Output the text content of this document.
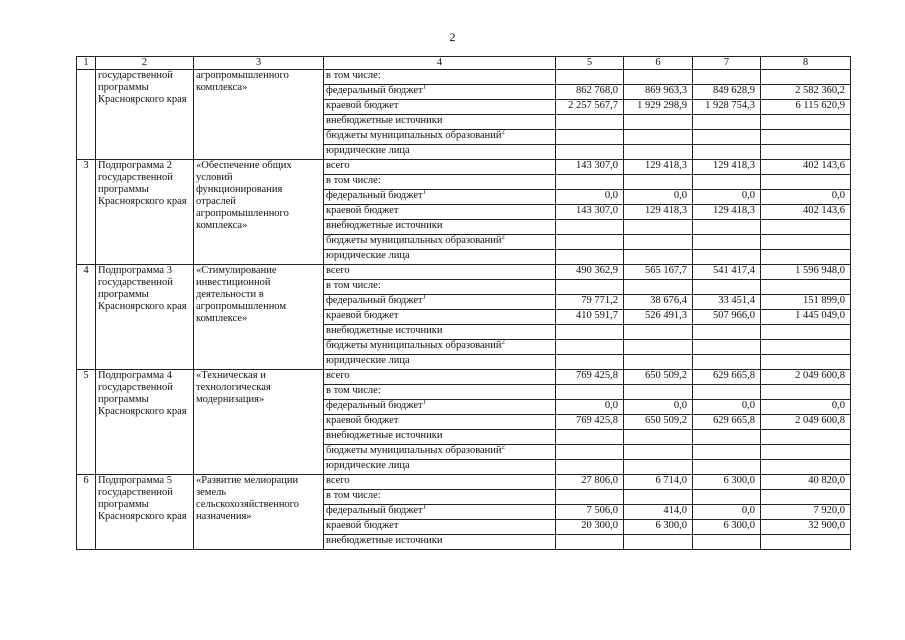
2
1	2	3	4	5	6	7	8
	государственной программы Красноярского края	агропромышленного комплекса»	в том числе:				
			федеральный бюджет$^1$	862 768,0	869 963,3	849 628,9	2 582 360,2
			краевой бюджет	2 257 567,7	1 929 298,9	1 928 754,3	6 115 620,9
			внебюджетные источники				
			бюджеты муниципальных образований$^2$				
			юридические лица				
3	Подпрограмма 2 государственной программы Красноярского края	«Обеспечение общих условий функционирования отраслей агропромышленного комплекса»	всего	143 307,0	129 418,3	129 418,3	402 143,6
			в том числе:				
			федеральный бюджет$^1$	0,0	0,0	0,0	0,0
			краевой бюджет	143 307,0	129 418,3	129 418,3	402 143,6
			внебюджетные источники				
			бюджеты муниципальных образований$^2$				
			юридические лица				
4	Подпрограмма 3 государственной программы Красноярского края	«Стимулирование инвестиционной деятельности в агропромышленном комплексе»	всего	490 362,9	565 167,7	541 417,4	1 596 948,0
			в том числе:				
			федеральный бюджет$^1$	79 771,2	38 676,4	33 451,4	151 899,0
			краевой бюджет	410 591,7	526 491,3	507 966,0	1 445 049,0
			внебюджетные источники				
			бюджеты муниципальных образований$^2$				
			юридические лица				
5	Подпрограмма 4 государственной программы Красноярского края	«Техническая и технологическая модернизация»	всего	769 425,8	650 509,2	629 665,8	2 049 600,8
			в том числе:				
			федеральный бюджет$^1$	0,0	0,0	0,0	0,0
			краевой бюджет	769 425,8	650 509,2	629 665,8	2 049 600,8
			внебюджетные источники				
			бюджеты муниципальных образований$^2$				
			юридические лица				
6	Подпрограмма 5 государственной программы Красноярского края	«Развитие мелиорации земель сельскохозяйственного назначения»	всего	27 806,0	6 714,0	6 300,0	40 820,0
			в том числе:				
			федеральный бюджет$^1$	7 506,0	414,0	0,0	7 920,0
			краевой бюджет	20 300,0	6 300,0	6 300,0	32 900,0
			внебюджетные источники				
